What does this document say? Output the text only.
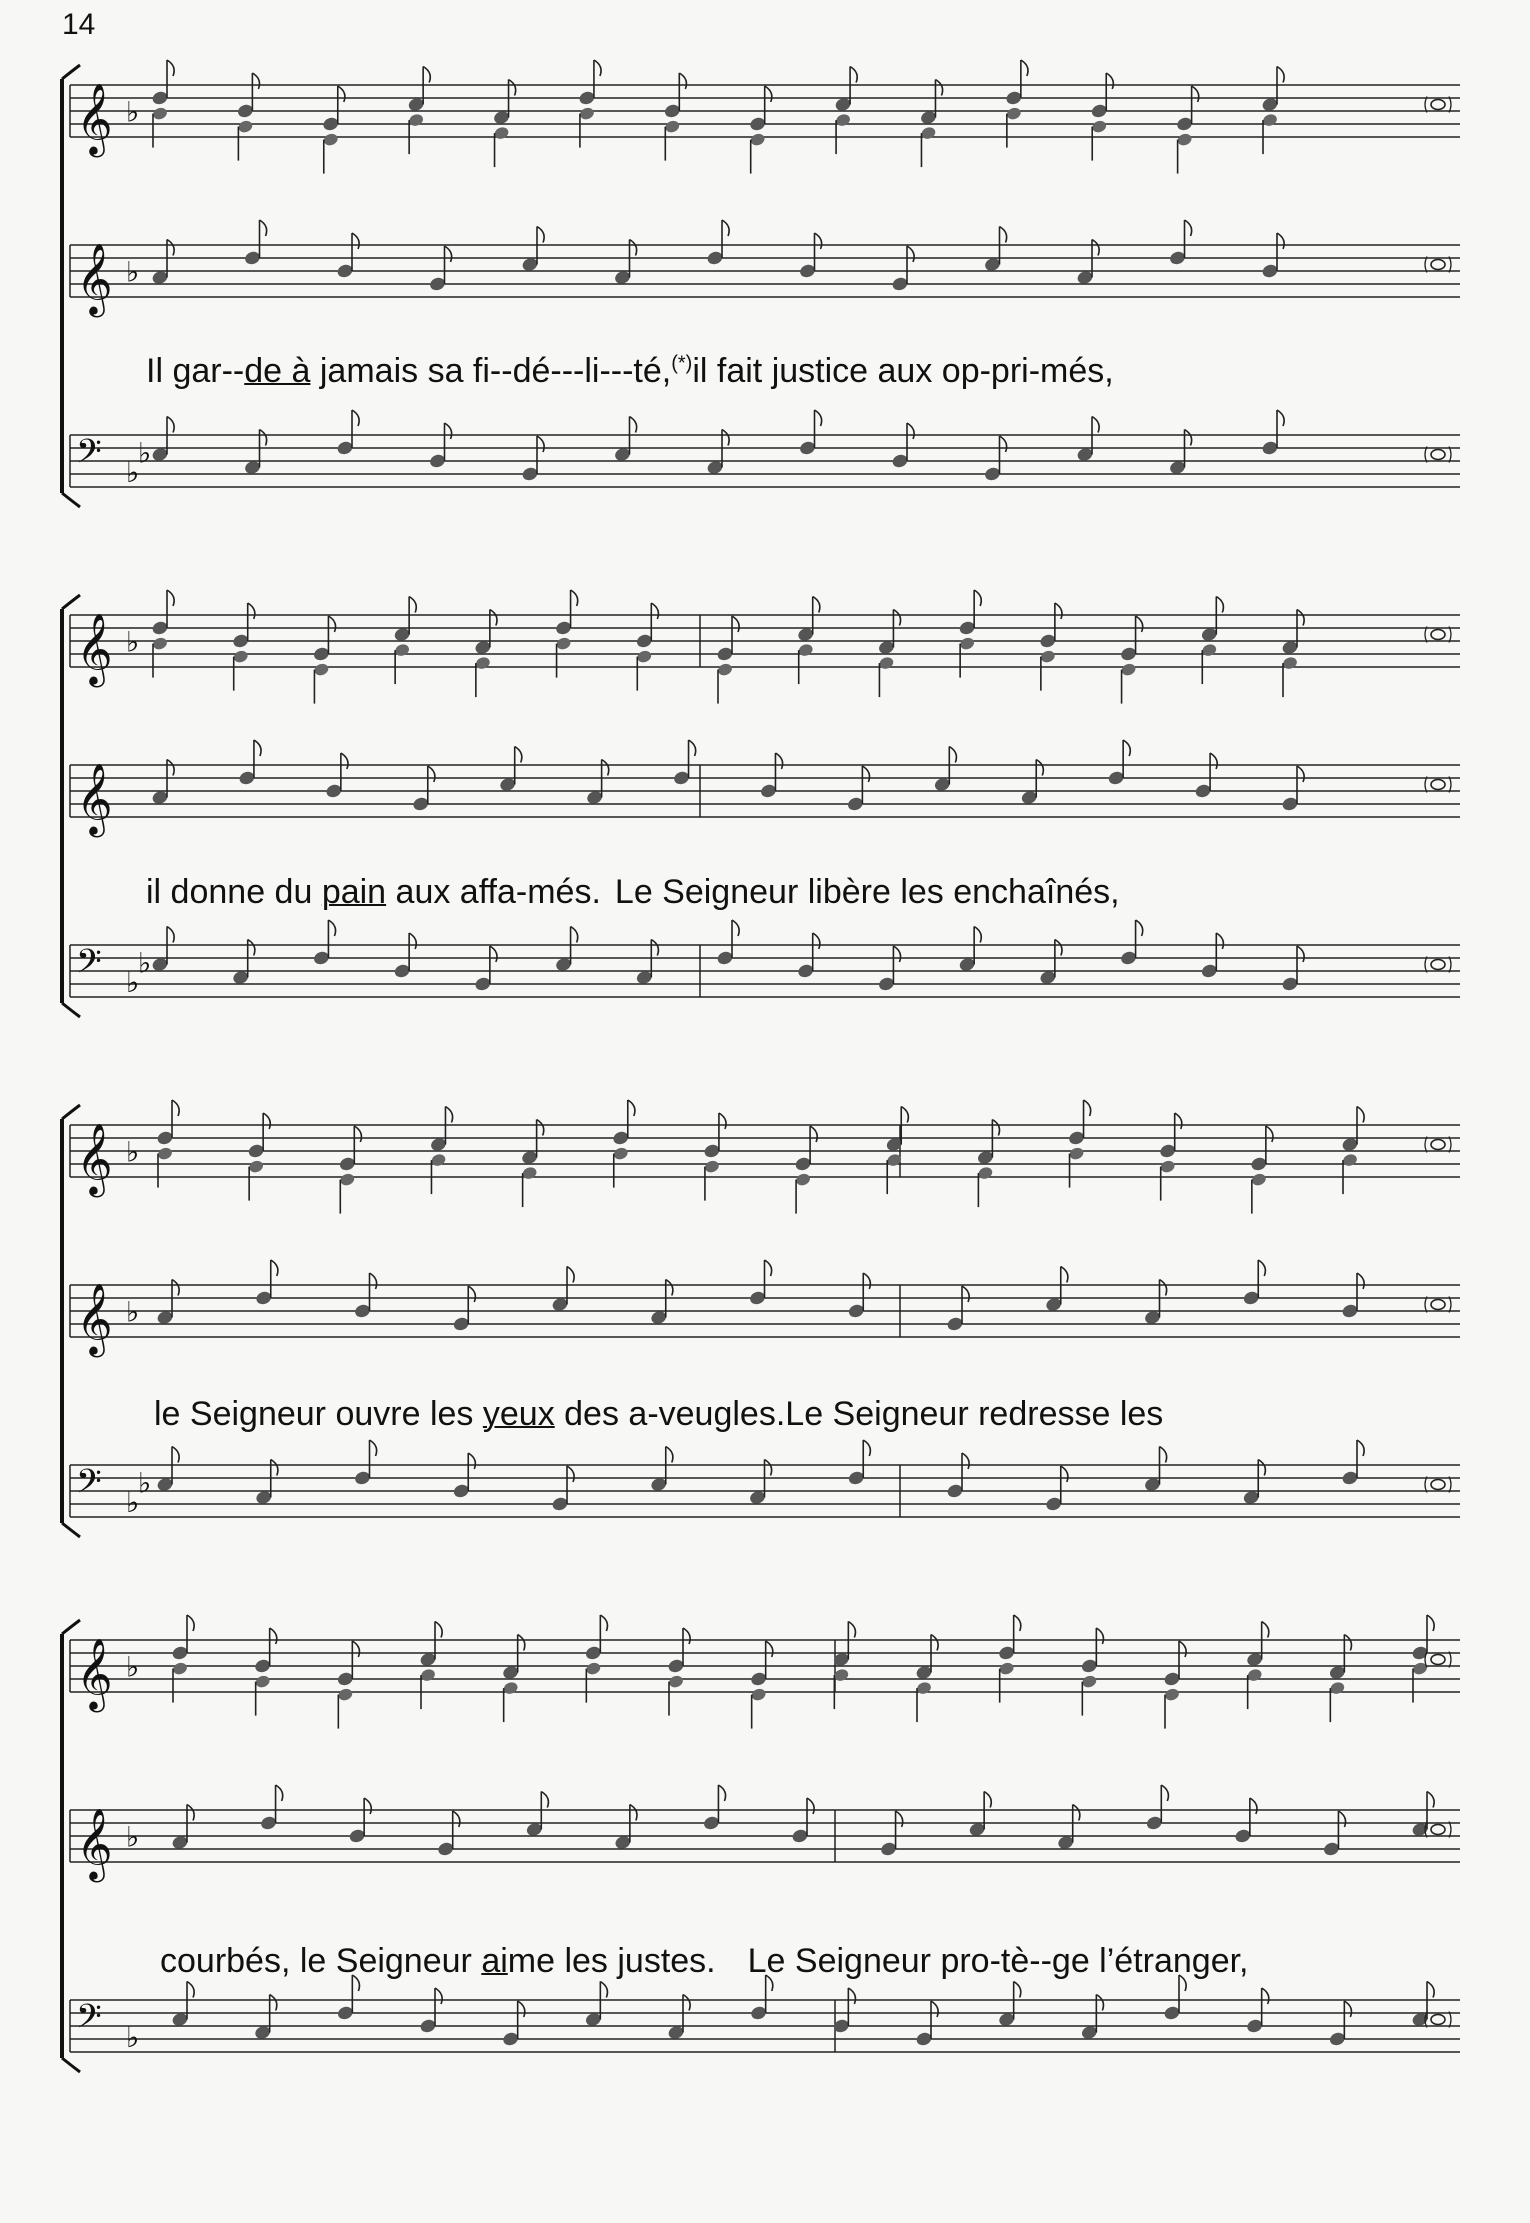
14
𝄞 ♭
𝄞 ♭
𝄢 ♭
♭
Il gar--de à jamais sa fi--dé---li---té,(*)il fait justice aux op-pri-més,
𝄞 ♭
𝄞
𝄢 ♭
♭
il donne du pain aux affa-més. Le Seigneur libère les enchaînés,
𝄞 ♭
𝄞 ♭
𝄢 ♭
♭
le Seigneur ouvre les yeux des a-veugles.Le Seigneur redresse les
𝄞 ♭
𝄞 ♭
𝄢 ♭
courbés, le Seigneur aime les justes. Le Seigneur pro-tè--ge l’étranger,
